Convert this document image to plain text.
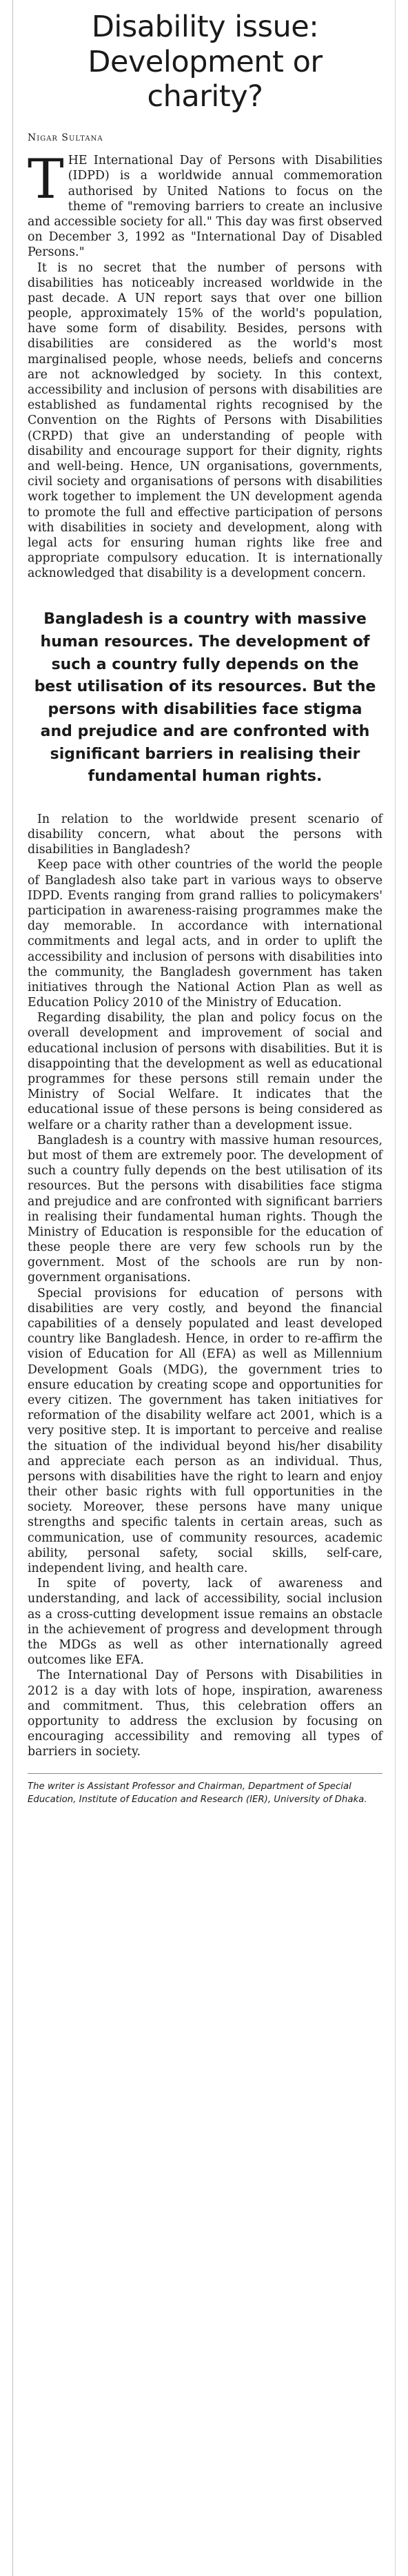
Disability issue: Development or charity?
Nigar Sultana

THE International Day of Persons with Disabilities (IDPD) is a worldwide annual commemoration authorised by United Nations to focus on the theme of "removing barriers to create an inclusive and accessible society for all." This day was first observed on December 3, 1992 as "International Day of Disabled Persons."

It is no secret that the number of persons with disabilities has noticeably increased worldwide in the past decade. A UN report says that over one billion people, approximately 15% of the world's population, have some form of disability. Besides, persons with disabilities are considered as the world's most marginalised people, whose needs, beliefs and concerns are not acknowledged by society. In this context, accessibility and inclusion of persons with disabilities are established as fundamental rights recognised by the Convention on the Rights of Persons with Disabilities (CRPD) that give an understanding of people with disability and encourage support for their dignity, rights and well-being. Hence, UN organisations, governments, civil society and organisations of persons with disabilities work together to implement the UN development agenda to promote the full and effective participation of persons with disabilities in society and development, along with legal acts for ensuring human rights like free and appropriate compulsory education. It is internationally acknowledged that disability is a development concern.

Bangladesh is a country with massive human resources. The development of such a country fully depends on the best utilisation of its resources. But the persons with disabilities face stigma and prejudice and are confronted with significant barriers in realising their fundamental human rights.

In relation to the worldwide present scenario of disability concern, what about the persons with disabilities in Bangladesh?

Keep pace with other countries of the world the people of Bangladesh also take part in various ways to observe IDPD. Events ranging from grand rallies to policymakers' participation in awareness-raising programmes make the day memorable. In accordance with international commitments and legal acts, and in order to uplift the accessibility and inclusion of persons with disabilities into the community, the Bangladesh government has taken initiatives through the National Action Plan as well as Education Policy 2010 of the Ministry of Education.

Regarding disability, the plan and policy focus on the overall development and improvement of social and educational inclusion of persons with disabilities. But it is disappointing that the development as well as educational programmes for these persons still remain under the Ministry of Social Welfare. It indicates that the educational issue of these persons is being considered as welfare or a charity rather than a development issue.

Bangladesh is a country with massive human resources, but most of them are extremely poor. The development of such a country fully depends on the best utilisation of its resources. But the persons with disabilities face stigma and prejudice and are confronted with significant barriers in realising their fundamental human rights. Though the Ministry of Education is responsible for the education of these people there are very few schools run by the government. Most of the schools are run by non-government organisations.

Special provisions for education of persons with disabilities are very costly, and beyond the financial capabilities of a densely populated and least developed country like Bangladesh. Hence, in order to re-affirm the vision of Education for All (EFA) as well as Millennium Development Goals (MDG), the government tries to ensure education by creating scope and opportunities for every citizen. The government has taken initiatives for reformation of the disability welfare act 2001, which is a very positive step. It is important to perceive and realise the situation of the individual beyond his/her disability and appreciate each person as an individual. Thus, persons with disabilities have the right to learn and enjoy their other basic rights with full opportunities in the society. Moreover, these persons have many unique strengths and specific talents in certain areas, such as communication, use of community resources, academic ability, personal safety, social skills, self-care, independent living, and health care.

In spite of poverty, lack of awareness and understanding, and lack of accessibility, social inclusion as a cross-cutting development issue remains an obstacle in the achievement of progress and development through the MDGs as well as other internationally agreed outcomes like EFA.

The International Day of Persons with Disabilities in 2012 is a day with lots of hope, inspiration, awareness and commitment. Thus, this celebration offers an opportunity to address the exclusion by focusing on encouraging accessibility and removing all types of barriers in society.

The writer is Assistant Professor and Chairman, Department of Special Education, Institute of Education and Research (IER), University of Dhaka.
